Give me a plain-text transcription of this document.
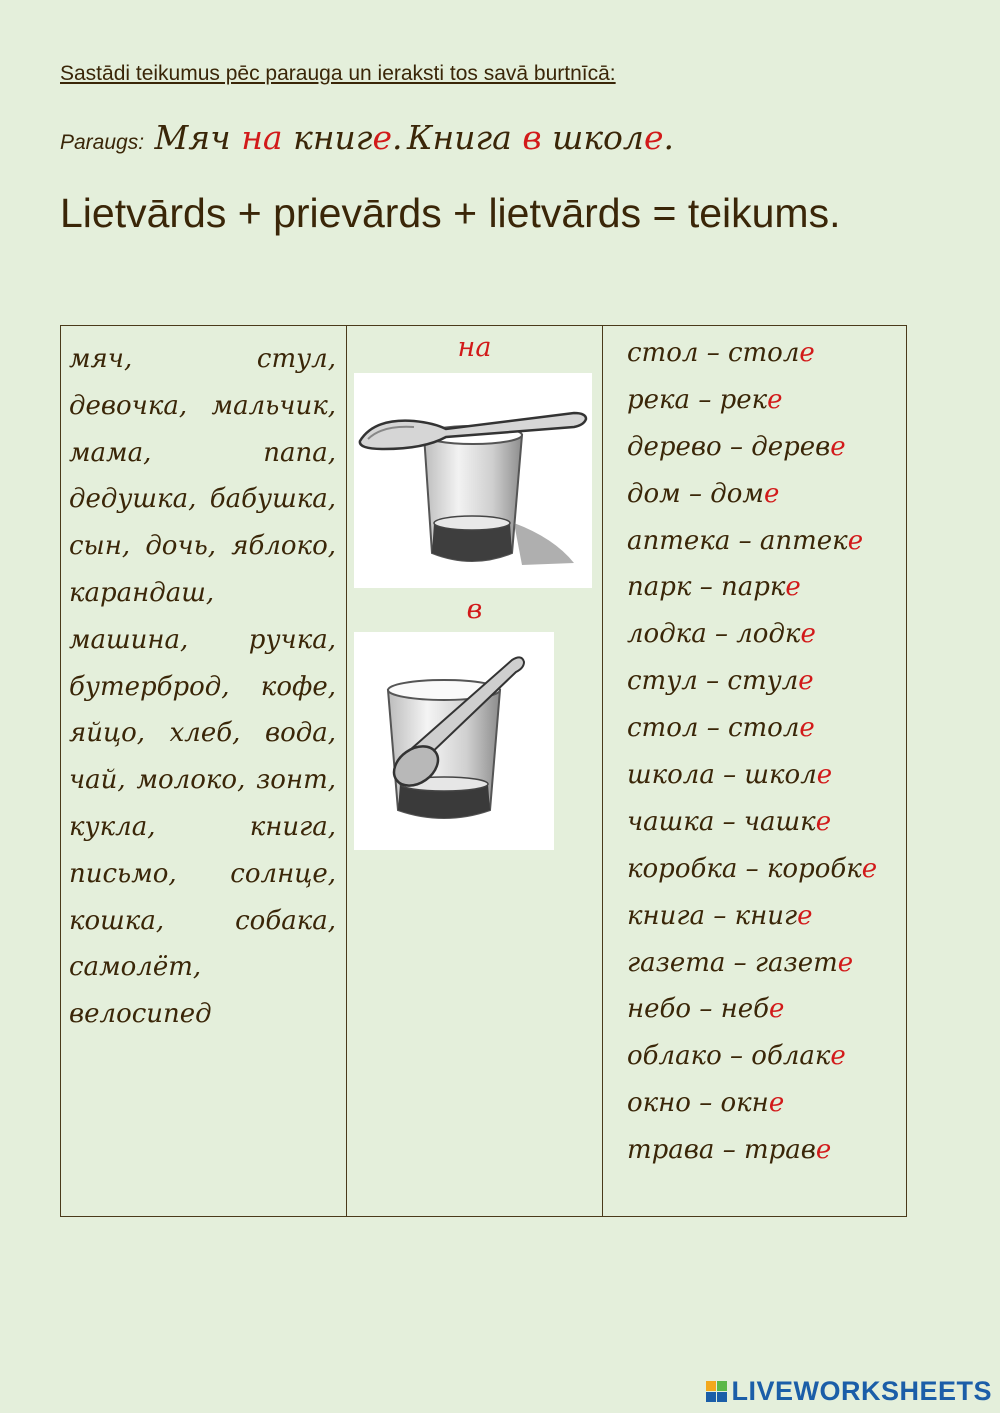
Sastādi teikumus pēc parauga un ieraksti tos savā burtnīcā:
Paraugs: Мяч на книге. Книга в школе.
Lietvārds + prievārds + lietvārds = teikums.
мяч, стул, девочка, мальчик, мама, папа, дедушка, бабушка, сын, дочь, яблоко, карандаш, машина, ручка, бутерброд, кофе, яйцо, хлеб, вода, чай, молоко, зонт, кукла, книга, письмо, солнце, кошка, собака, самолёт, велосипед

на
в

стол – столе
река – реке
дерево – дереве
дом – доме
аптека – аптеке
парк – парке
лодка – лодке
стул – стуле
стол – столе
школа – школе
чашка – чашке
коробка – коробке
книга – книге
газета – газете
небо – небе
облако – облаке
окно – окне
трава – траве
LIVEWORKSHEETS
